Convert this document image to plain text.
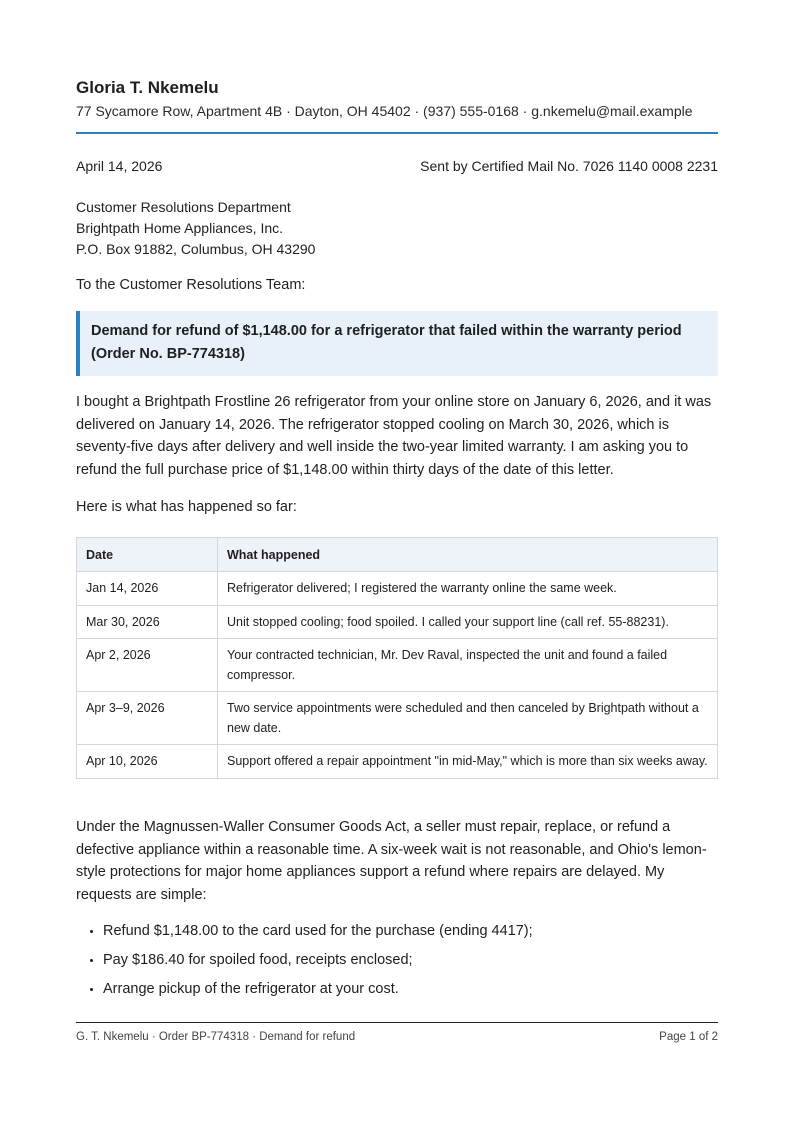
Gloria T. Nkemelu
77 Sycamore Row, Apartment 4B · Dayton, OH 45402 · (937) 555-0168 · g.nkemelu@mail.example
April 14, 2026	Sent by Certified Mail No. 7026 1140 0008 2231
Customer Resolutions Department
Brightpath Home Appliances, Inc.
P.O. Box 91882, Columbus, OH 43290
To the Customer Resolutions Team:
Demand for refund of $1,148.00 for a refrigerator that failed within the warranty period (Order No. BP-774318)
I bought a Brightpath Frostline 26 refrigerator from your online store on January 6, 2026, and it was delivered on January 14, 2026. The refrigerator stopped cooling on March 30, 2026, which is seventy-five days after delivery and well inside the two-year limited warranty. I am asking you to refund the full purchase price of $1,148.00 within thirty days of the date of this letter.
Here is what has happened so far:
Date	What happened
Jan 14, 2026	Refrigerator delivered; I registered the warranty online the same week.
Mar 30, 2026	Unit stopped cooling; food spoiled. I called your support line (call ref. 55-88231).
Apr 2, 2026	Your contracted technician, Mr. Dev Raval, inspected the unit and found a failed compressor.
Apr 3–9, 2026	Two service appointments were scheduled and then canceled by Brightpath without a new date.
Apr 10, 2026	Support offered a repair appointment "in mid-May," which is more than six weeks away.
Under the Magnussen-Waller Consumer Goods Act, a seller must repair, replace, or refund a defective appliance within a reasonable time. A six-week wait is not reasonable, and Ohio's lemon-style protections for major home appliances support a refund where repairs are delayed. My requests are simple:
• Refund $1,148.00 to the card used for the purchase (ending 4417);
• Pay $186.40 for spoiled food, receipts enclosed;
• Arrange pickup of the refrigerator at your cost.
G. T. Nkemelu · Order BP-774318 · Demand for refund	Page 1 of 2
